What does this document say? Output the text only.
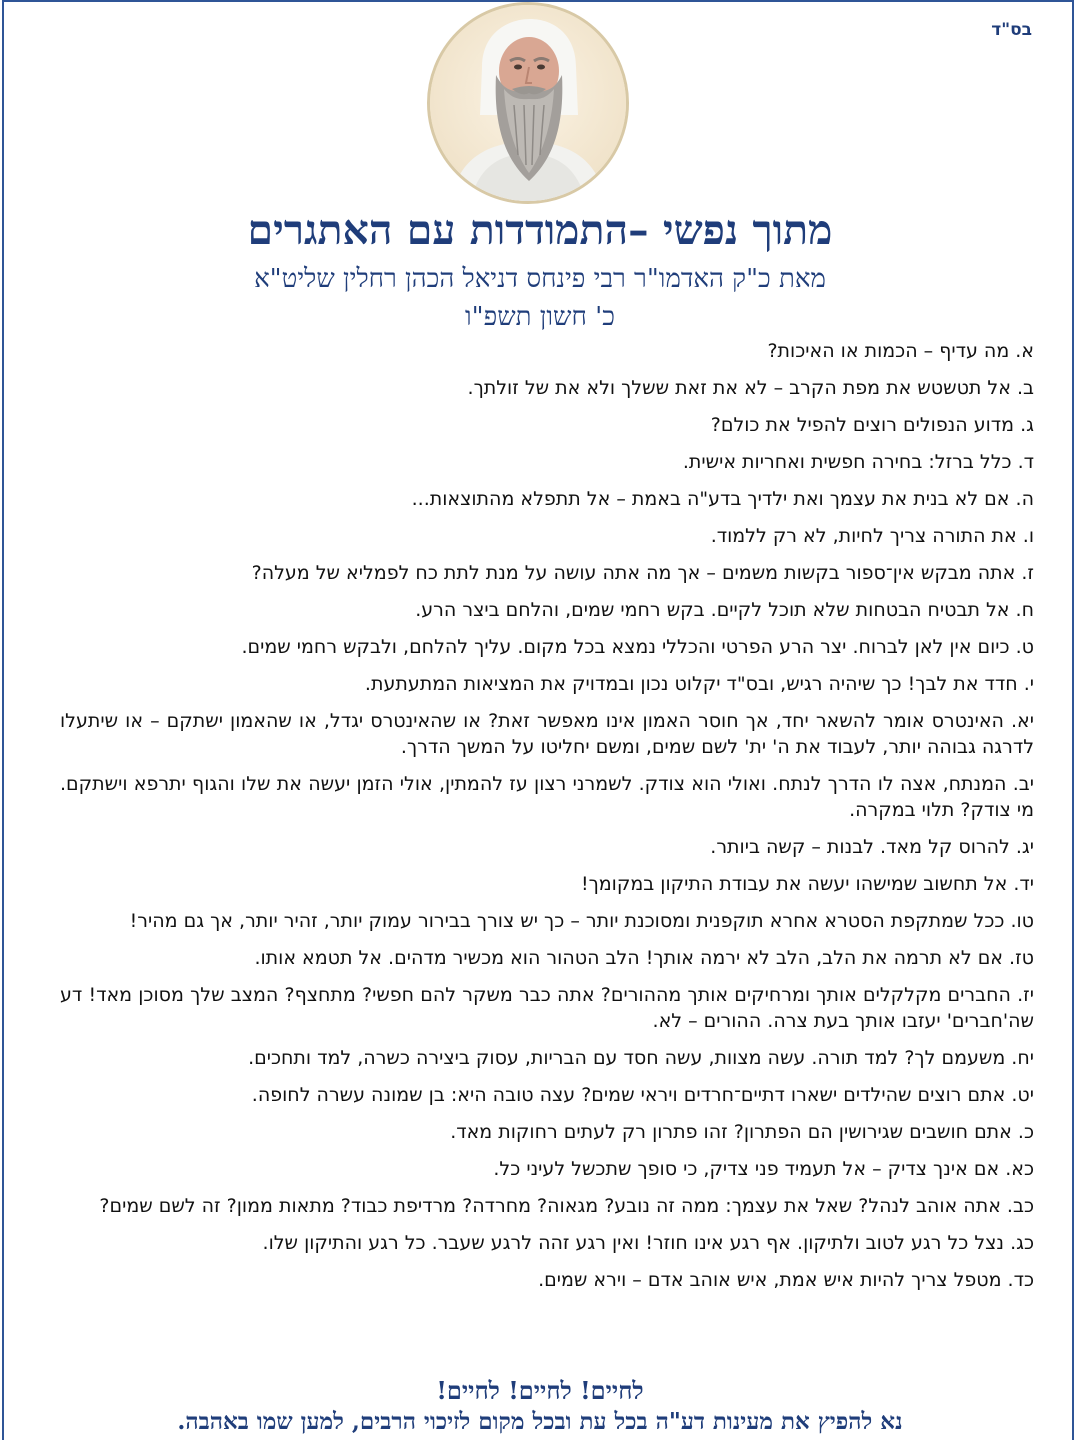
בס"ד
מתוך נפשי –התמודדות עם האתגרים
מאת כ"ק האדמו"ר רבי פינחס דניאל הכהן רחלין שליט"א
כ' חשון תשפ"ו
א. מה עדיף – הכמות או האיכות?
ב. אל תטשטש את מפת הקרב – לא את זאת ששלך ולא את של זולתך.
ג. מדוע הנפולים רוצים להפיל את כולם?
ד. כלל ברזל: בחירה חפשית ואחריות אישית.
ה. אם לא בנית את עצמך ואת ילדיך בדע"ה באמת – אל תתפלא מהתוצאות...
ו. את התורה צריך לחיות, לא רק ללמוד.
ז. אתה מבקש אין־ספור בקשות משמים – אך מה אתה עושה על מנת לתת כח לפמליא של מעלה?
ח. אל תבטיח הבטחות שלא תוכל לקיים. בקש רחמי שמים, והלחם ביצר הרע.
ט. כיום אין לאן לברוח. יצר הרע הפרטי והכללי נמצא בכל מקום. עליך להלחם, ולבקש רחמי שמים.
י. חדד את לבך! כך שיהיה רגיש, ובס"ד יקלוט נכון ובמדויק את המציאות המתעתעת.
יא. האינטרס אומר להשאר יחד, אך חוסר האמון אינו מאפשר זאת? או שהאינטרס יגדל, או שהאמון ישתקם – או שיתעלו לדרגה גבוהה יותר, לעבוד את ה' ית' לשם שמים, ומשם יחליטו על המשך הדרך.
יב. המנתח, אצה לו הדרך לנתח. ואולי הוא צודק. לשמרני רצון עז להמתין, אולי הזמן יעשה את שלו והגוף יתרפא וישתקם. מי צודק? תלוי במקרה.
יג. להרוס קל מאד. לבנות – קשה ביותר.
יד. אל תחשוב שמישהו יעשה את עבודת התיקון במקומך!
טו. ככל שמתקפת הסטרא אחרא תוקפנית ומסוכנת יותר – כך יש צורך בבירור עמוק יותר, זהיר יותר, אך גם מהיר!
טז. אם לא תרמה את הלב, הלב לא ירמה אותך! הלב הטהור הוא מכשיר מדהים. אל תטמא אותו.
יז. החברים מקלקלים אותך ומרחיקים אותך מההורים? אתה כבר משקר להם חפשי? מתחצף? המצב שלך מסוכן מאד! דע שה'חברים' יעזבו אותך בעת צרה. ההורים – לא.
יח. משעמם לך? למד תורה. עשה מצוות, עשה חסד עם הבריות, עסוק ביצירה כשרה, למד ותחכים.
יט. אתם רוצים שהילדים ישארו דתיים־חרדים ויראי שמים? עצה טובה היא: בן שמונה עשרה לחופה.
כ. אתם חושבים שגירושין הם הפתרון? זהו פתרון רק לעתים רחוקות מאד.
כא. אם אינך צדיק – אל תעמיד פני צדיק, כי סופך שתכשל לעיני כל.
כב. אתה אוהב לנהל? שאל את עצמך: ממה זה נובע? מגאוה? מחרדה? מרדיפת כבוד? מתאות ממון? זה לשם שמים?
כג. נצל כל רגע לטוב ולתיקון. אף רגע אינו חוזר! ואין רגע זהה לרגע שעבר. כל רגע והתיקון שלו.
כד. מטפל צריך להיות איש אמת, איש אוהב אדם – וירא שמים.
לחיים! לחיים! לחיים!
נא להפיץ את מעינות דע"ה בכל עת ובכל מקום לזיכוי הרבים, למען שמו באהבה.
